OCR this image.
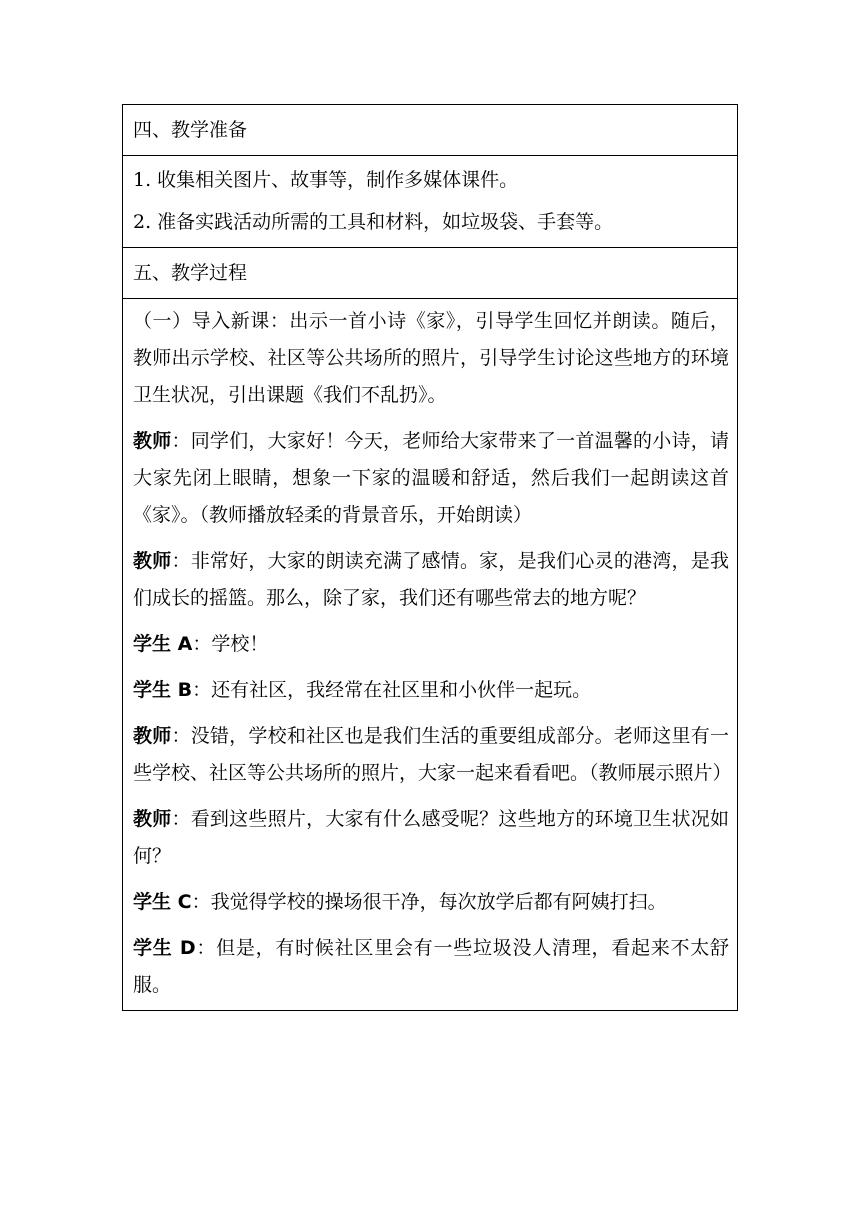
四、教学准备

1. 收集相关图片、故事等，制作多媒体课件。

2. 准备实践活动所需的工具和材料，如垃圾袋、手套等。

五、教学过程

（一）导入新课：出示一首小诗《家》，引导学生回忆并朗读。随后，教师出示学校、社区等公共场所的照片，引导学生讨论这些地方的环境卫生状况，引出课题《我们不乱扔》。

教师：同学们，大家好！今天，老师给大家带来了一首温馨的小诗，请大家先闭上眼睛，想象一下家的温暖和舒适，然后我们一起朗读这首《家》。（教师播放轻柔的背景音乐，开始朗读）

教师：非常好，大家的朗读充满了感情。家，是我们心灵的港湾，是我们成长的摇篮。那么，除了家，我们还有哪些常去的地方呢？

学生 A：学校！

学生 B：还有社区，我经常在社区里和小伙伴一起玩。

教师：没错，学校和社区也是我们生活的重要组成部分。老师这里有一些学校、社区等公共场所的照片，大家一起来看看吧。（教师展示照片）

教师：看到这些照片，大家有什么感受呢？这些地方的环境卫生状况如何？

学生 C：我觉得学校的操场很干净，每次放学后都有阿姨打扫。

学生 D：但是，有时候社区里会有一些垃圾没人清理，看起来不太舒服。
